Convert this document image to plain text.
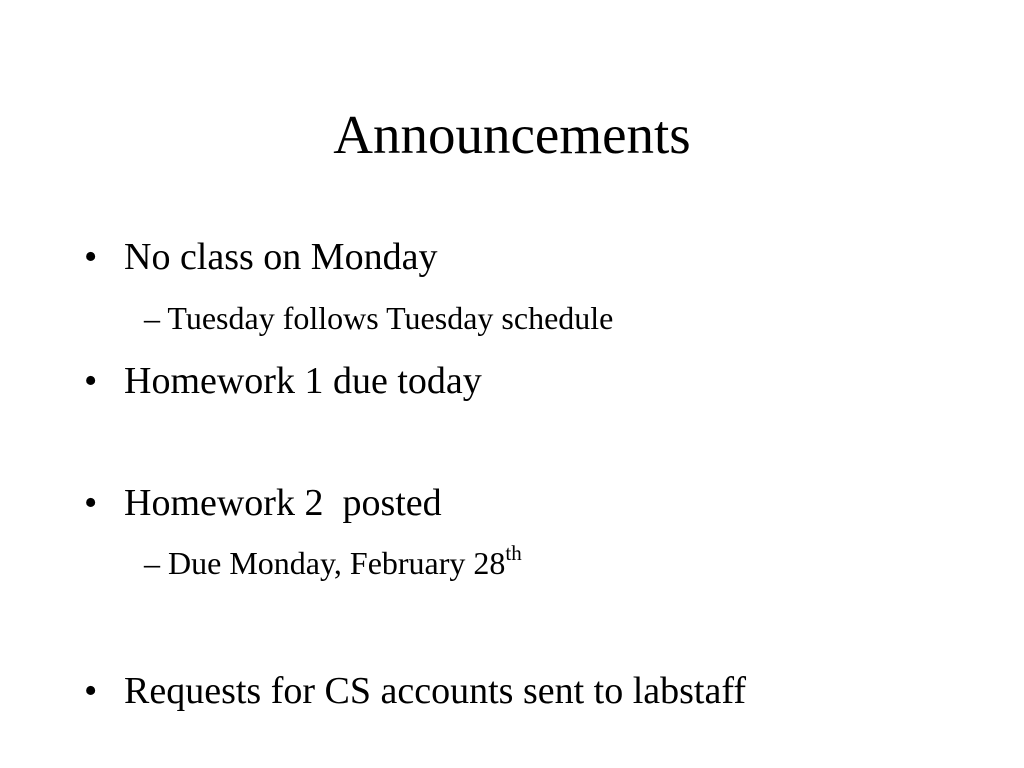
Announcements
• No class on Monday
– Tuesday follows Tuesday schedule
• Homework 1 due today
• Homework 2  posted
– Due Monday, February 28th
• Requests for CS accounts sent to labstaff
